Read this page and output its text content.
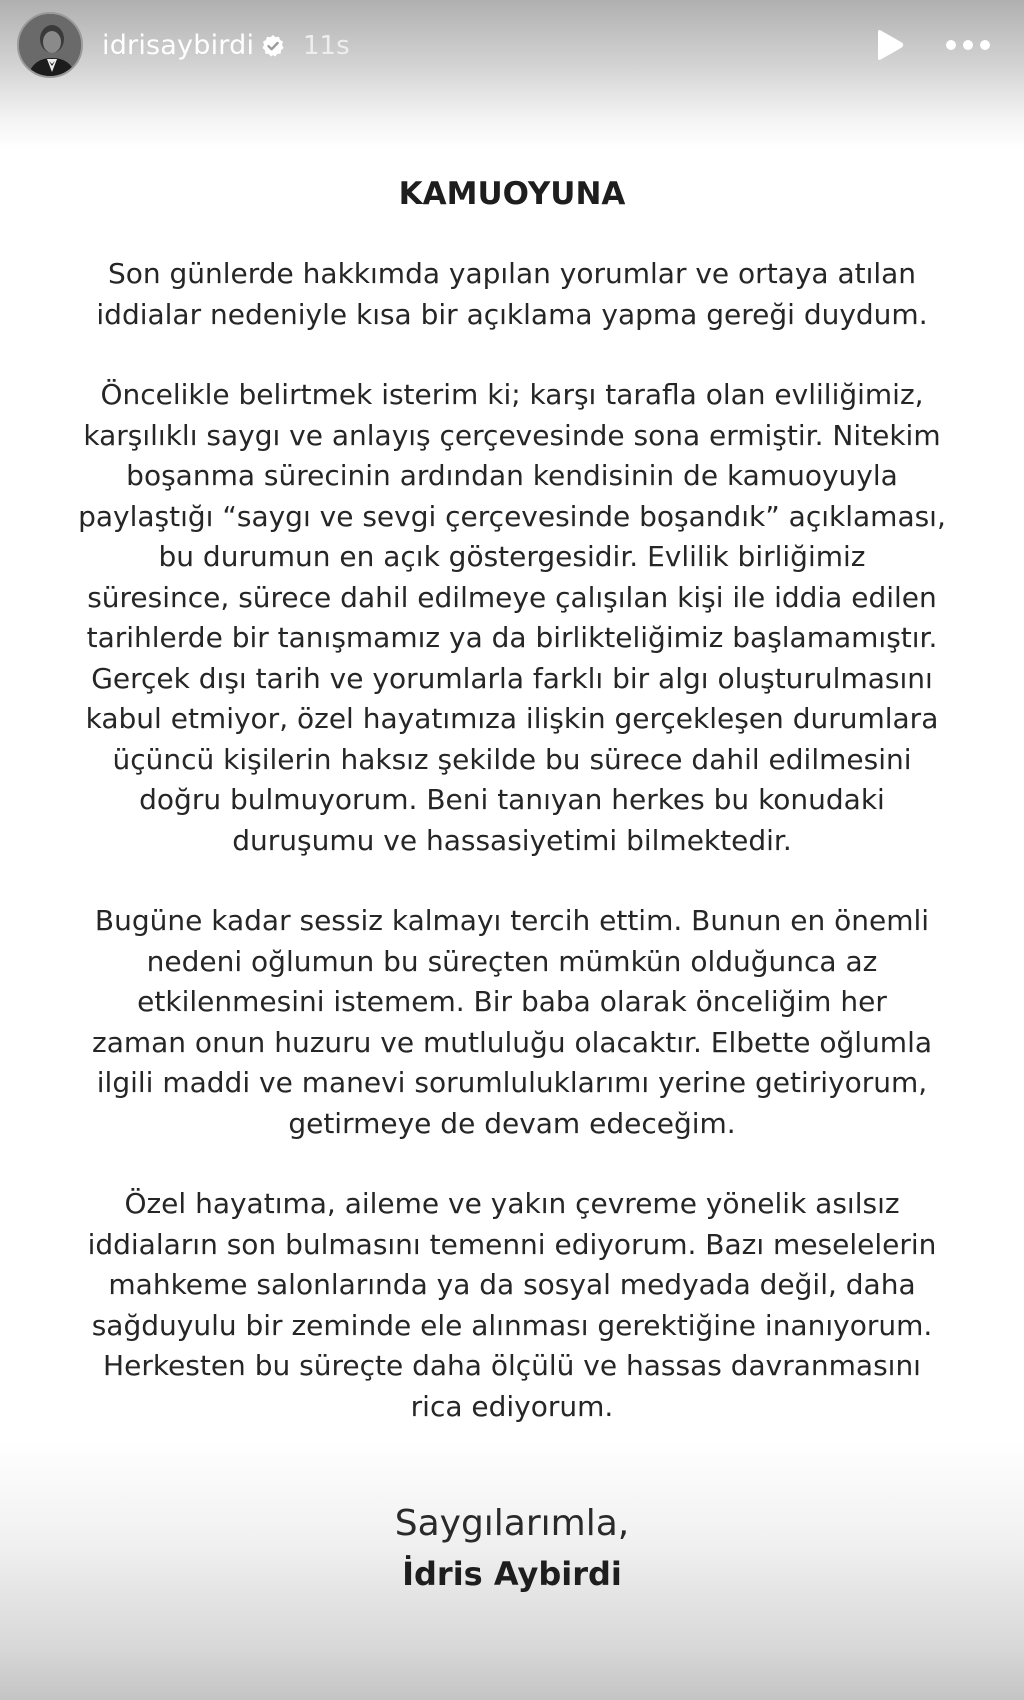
idrisaybirdi 11s
KAMUOYUNA
Son günlerde hakkımda yapılan yorumlar ve ortaya atılan
iddialar nedeniyle kısa bir açıklama yapma gereği duydum.
Öncelikle belirtmek isterim ki; karşı tarafla olan evliliğimiz,
karşılıklı saygı ve anlayış çerçevesinde sona ermiştir. Nitekim
boşanma sürecinin ardından kendisinin de kamuoyuyla
paylaştığı “saygı ve sevgi çerçevesinde boşandık” açıklaması,
bu durumun en açık göstergesidir. Evlilik birliğimiz
süresince, sürece dahil edilmeye çalışılan kişi ile iddia edilen
tarihlerde bir tanışmamız ya da birlikteliğimiz başlamamıştır.
Gerçek dışı tarih ve yorumlarla farklı bir algı oluşturulmasını
kabul etmiyor, özel hayatımıza ilişkin gerçekleşen durumlara
üçüncü kişilerin haksız şekilde bu sürece dahil edilmesini
doğru bulmuyorum. Beni tanıyan herkes bu konudaki
duruşumu ve hassasiyetimi bilmektedir.
Bugüne kadar sessiz kalmayı tercih ettim. Bunun en önemli
nedeni oğlumun bu süreçten mümkün olduğunca az
etkilenmesini istemem. Bir baba olarak önceliğim her
zaman onun huzuru ve mutluluğu olacaktır. Elbette oğlumla
ilgili maddi ve manevi sorumluluklarımı yerine getiriyorum,
getirmeye de devam edeceğim.
Özel hayatıma, aileme ve yakın çevreme yönelik asılsız
iddiaların son bulmasını temenni ediyorum. Bazı meselelerin
mahkeme salonlarında ya da sosyal medyada değil, daha
sağduyulu bir zeminde ele alınması gerektiğine inanıyorum.
Herkesten bu süreçte daha ölçülü ve hassas davranmasını
rica ediyorum.
Saygılarımla,
İdris Aybirdi
